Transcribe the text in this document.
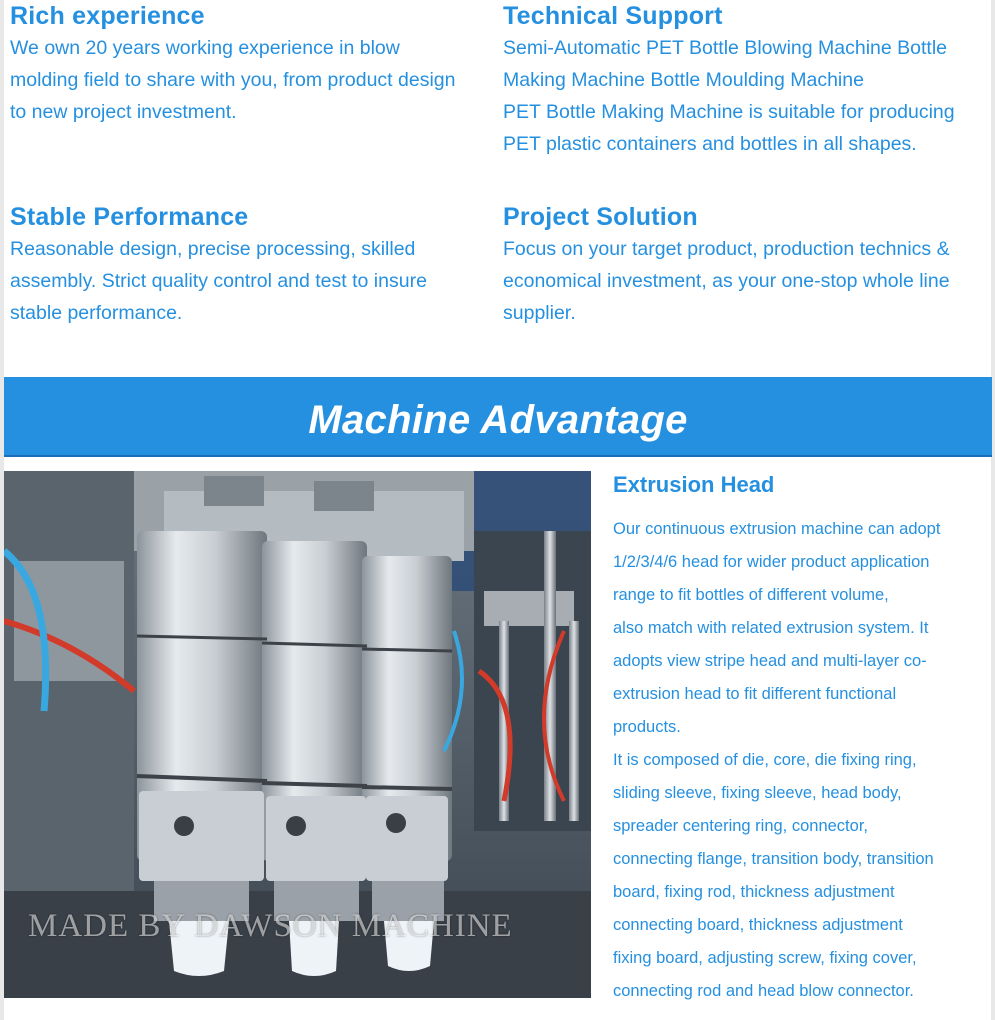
Rich experience

We own 20 years working experience in blow
molding field to share with you, from product design
to new project investment.

Technical Support

Semi-Automatic PET Bottle Blowing Machine Bottle
Making Machine Bottle Moulding Machine
PET Bottle Making Machine is suitable for producing
PET plastic containers and bottles in all shapes.

Stable Performance

Reasonable design, precise processing, skilled
assembly. Strict quality control and test to insure
stable performance.

Project Solution

Focus on your target product, production technics &
economical investment, as your one-stop whole line
supplier.

Machine Advantage
MADE BY DAWSON MACHINE
Extrusion Head
Our continuous extrusion machine can adopt
1/2/3/4/6 head for wider product application
range to fit bottles of different volume,
also match with related extrusion system. It
adopts view stripe head and multi-layer co-
extrusion head to fit different functional
products.
It is composed of die, core, die fixing ring,
sliding sleeve, fixing sleeve, head body,
spreader centering ring, connector,
connecting flange, transition body, transition
board, fixing rod, thickness adjustment
connecting board, thickness adjustment
fixing board, adjusting screw, fixing cover,
connecting rod and head blow connector.
